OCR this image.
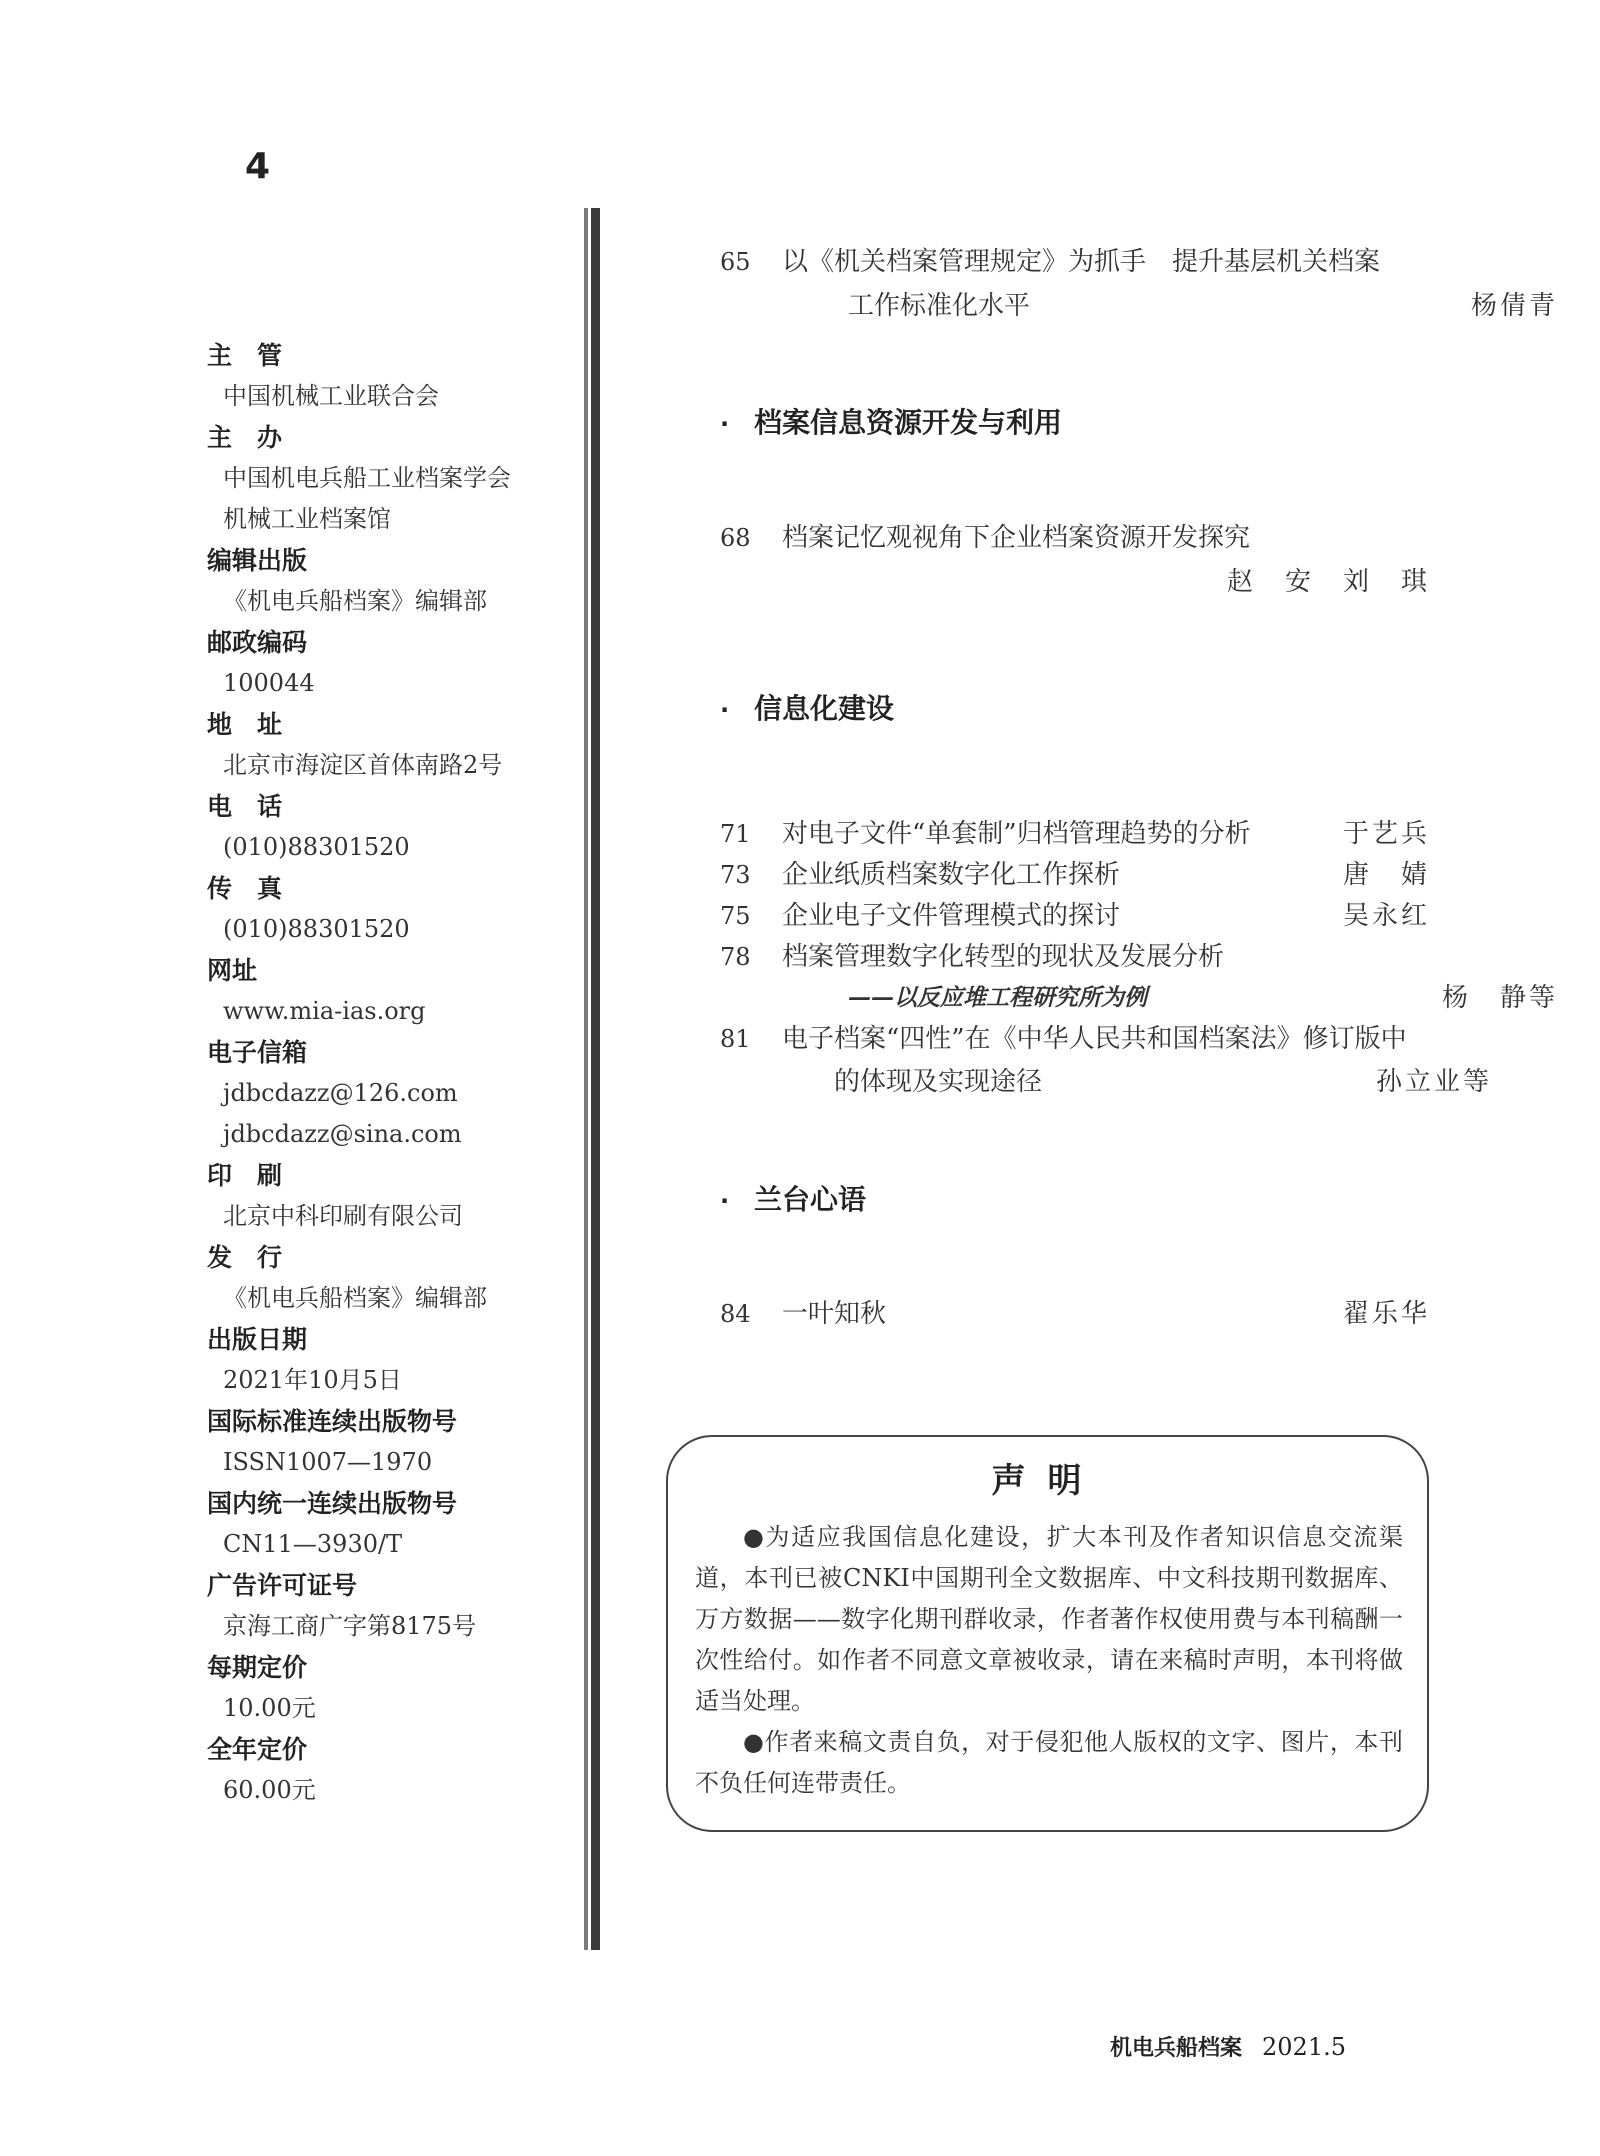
4
主　管
中国机械工业联合会
主　办
中国机电兵船工业档案学会
机械工业档案馆
编辑出版
《机电兵船档案》编辑部
邮政编码
100044
地　址
北京市海淀区首体南路2号
电　话
(010)88301520
传　真
(010)88301520
网址
www.mia-ias.org
电子信箱
jdbcdazz@126.com
jdbcdazz@sina.com
印　刷
北京中科印刷有限公司
发　行
《机电兵船档案》编辑部
出版日期
2021年10月5日
国际标准连续出版物号
ISSN1007—1970
国内统一连续出版物号
CN11—3930/T
广告许可证号
京海工商广字第8175号
每期定价
10.00元
全年定价
60.00元
65 以《机关档案管理规定》为抓手　提升基层机关档案
工作标准化水平	杨倩青
· 档案信息资源开发与利用
68 档案记忆观视角下企业档案资源开发探究
赵　安　刘　琪
· 信息化建设
71 对电子文件“单套制”归档管理趋势的分析	于艺兵
73 企业纸质档案数字化工作探析	唐　婧
75 企业电子文件管理模式的探讨	吴永红
78 档案管理数字化转型的现状及发展分析
——以反应堆工程研究所为例	杨　静等
81 电子档案“四性”在《中华人民共和国档案法》修订版中
的体现及实现途径	孙立业等
· 兰台心语
84 一叶知秋	翟乐华
声明

●为适应我国信息化建设，扩大本刊及作者知识信息交流渠道，本刊已被CNKI中国期刊全文数据库、中文科技期刊数据库、万方数据——数字化期刊群收录，作者著作权使用费与本刊稿酬一次性给付。如作者不同意文章被收录，请在来稿时声明，本刊将做适当处理。

●作者来稿文责自负，对于侵犯他人版权的文字、图片，本刊不负任何连带责任。

机电兵船档案 2021.5
